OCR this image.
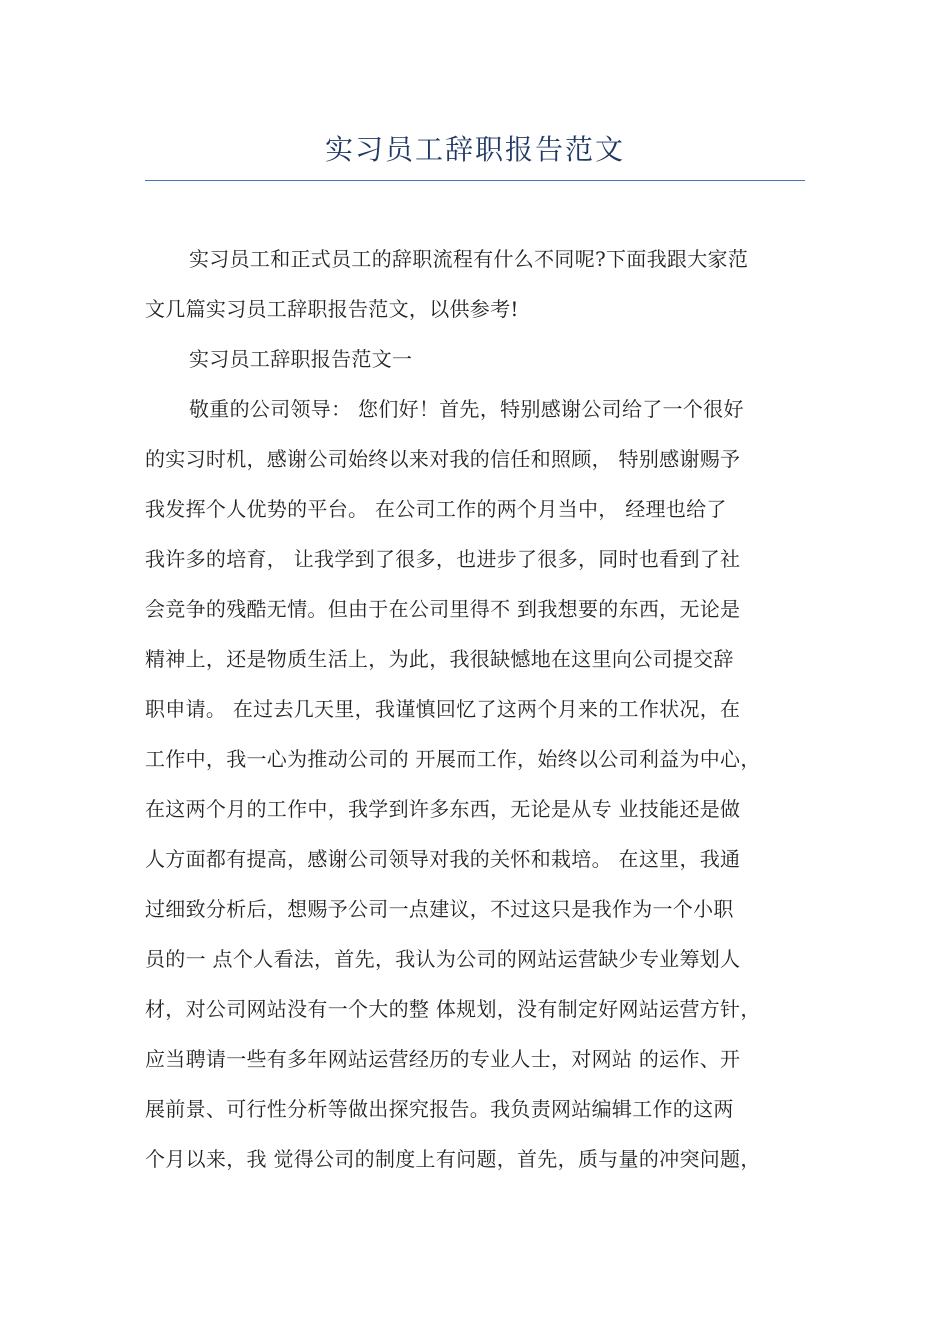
实习员工辞职报告范文
实习员工和正式员工的辞职流程有什么不同呢?下面我跟大家范
文几篇实习员工辞职报告范文，以供参考!
实习员工辞职报告范文一
敬重的公司领导： 您们好！首先，特别感谢公司给了一个很好
的实习时机，感谢公司始终以来对我的信任和照顾， 特别感谢赐予
我发挥个人优势的平台。 在公司工作的两个月当中， 经理也给了
我许多的培育， 让我学到了很多，也进步了很多，同时也看到了社
会竞争的残酷无情。但由于在公司里得不 到我想要的东西，无论是
精神上，还是物质生活上，为此，我很缺憾地在这里向公司提交辞
职申请。 在过去几天里，我谨慎回忆了这两个月来的工作状况，在
工作中，我一心为推动公司的 开展而工作，始终以公司利益为中心，
在这两个月的工作中，我学到许多东西，无论是从专 业技能还是做
人方面都有提高，感谢公司领导对我的关怀和栽培。 在这里，我通
过细致分析后，想赐予公司一点建议，不过这只是我作为一个小职
员的一 点个人看法，首先，我认为公司的网站运营缺少专业筹划人
材，对公司网站没有一个大的整 体规划，没有制定好网站运营方针，
应当聘请一些有多年网站运营经历的专业人士，对网站 的运作、开
展前景、可行性分析等做出探究报告。我负责网站编辑工作的这两
个月以来，我 觉得公司的制度上有问题，首先，质与量的冲突问题，
